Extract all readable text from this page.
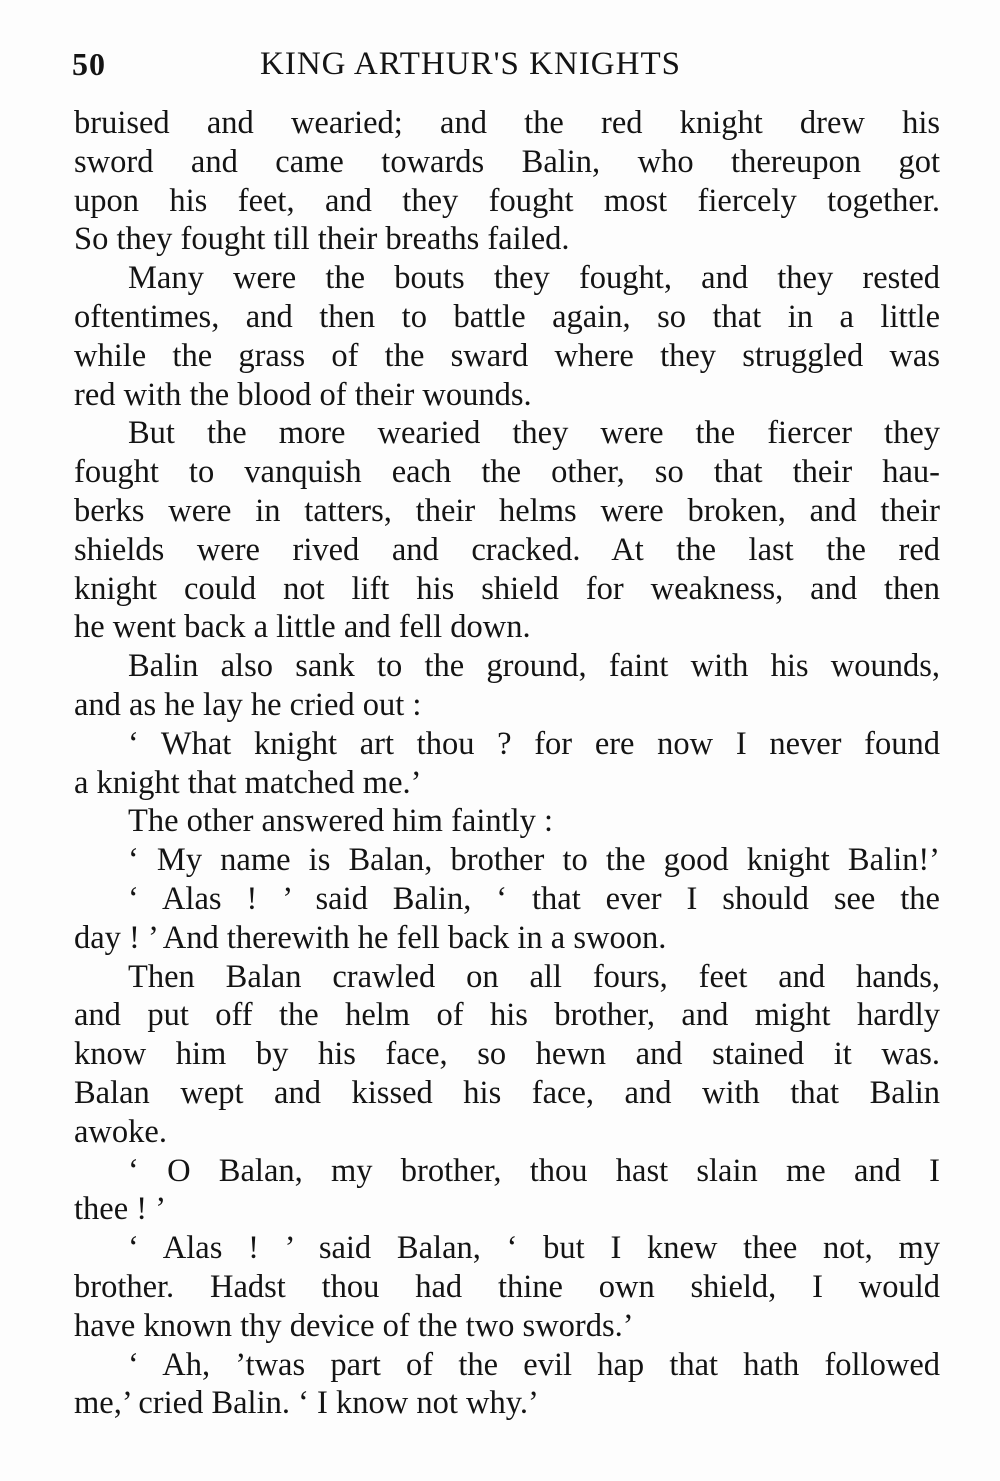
50	KING ARTHUR'S KNIGHTS
bruised and wearied; and the red knight drew his
sword and came towards Balin, who thereupon got
upon his feet, and they fought most fiercely together.
So they fought till their breaths failed.
Many were the bouts they fought, and they rested
oftentimes, and then to battle again, so that in a little
while the grass of the sward where they struggled was
red with the blood of their wounds.
But the more wearied they were the fiercer they
fought to vanquish each the other, so that their hau-
berks were in tatters, their helms were broken, and their
shields were rived and cracked. At the last the red
knight could not lift his shield for weakness, and then
he went back a little and fell down.
Balin also sank to the ground, faint with his wounds,
and as he lay he cried out :
‘ What knight art thou ? for ere now I never found
a knight that matched me.’
The other answered him faintly :
‘ My name is Balan, brother to the good knight Balin!’
‘ Alas ! ’ said Balin, ‘ that ever I should see the
day ! ’ And therewith he fell back in a swoon.
Then Balan crawled on all fours, feet and hands,
and put off the helm of his brother, and might hardly
know him by his face, so hewn and stained it was.
Balan wept and kissed his face, and with that Balin
awoke.
‘ O Balan, my brother, thou hast slain me and I
thee ! ’
‘ Alas ! ’ said Balan, ‘ but I knew thee not, my
brother. Hadst thou had thine own shield, I would
have known thy device of the two swords.’
‘ Ah, ’twas part of the evil hap that hath followed
me,’ cried Balin. ‘ I know not why.’
